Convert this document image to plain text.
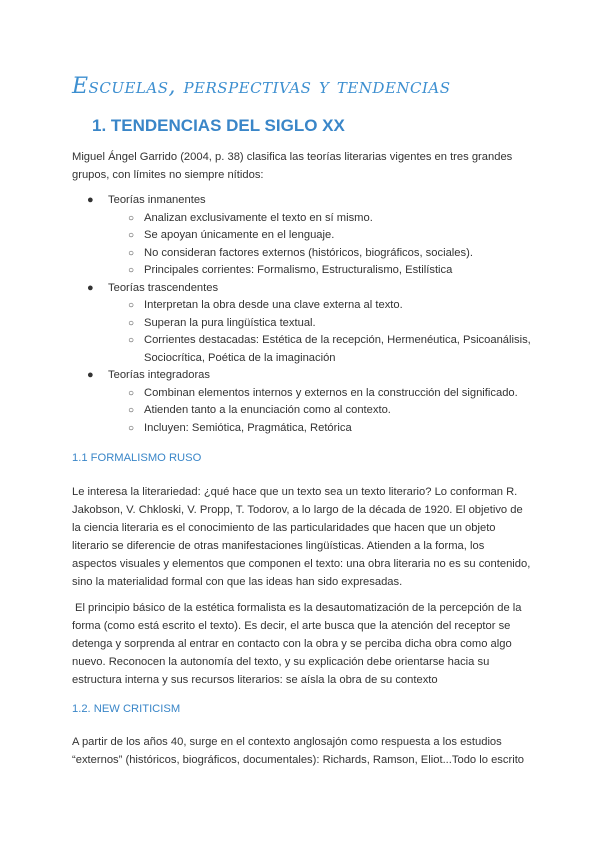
Escuelas, perspectivas y tendencias
1. TENDENCIAS DEL SIGLO XX

Miguel Ángel Garrido (2004, p. 38) clasifica las teorías literarias vigentes en tres grandes grupos, con límites no siempre nítidos:

● Teorías inmanentes
○ Analizan exclusivamente el texto en sí mismo.
○ Se apoyan únicamente en el lenguaje.
○ No consideran factores externos (históricos, biográficos, sociales).
○ Principales corrientes: Formalismo, Estructuralismo, Estilística
● Teorías trascendentes
○ Interpretan la obra desde una clave externa al texto.
○ Superan la pura lingüística textual.
○ Corrientes destacadas: Estética de la recepción, Hermenéutica, Psicoanálisis, Sociocrítica, Poética de la imaginación
● Teorías integradoras
○ Combinan elementos internos y externos en la construcción del significado.
○ Atienden tanto a la enunciación como al contexto.
○ Incluyen: Semiótica, Pragmática, Retórica
1.1 FORMALISMO RUSO

Le interesa la literariedad: ¿qué hace que un texto sea un texto literario? Lo conforman R. Jakobson, V. Chkloski, V. Propp, T. Todorov, a lo largo de la década de 1920. El objetivo de la ciencia literaria es el conocimiento de las particularidades que hacen que un objeto literario se diferencie de otras manifestaciones lingüísticas. Atienden a la forma, los aspectos visuales y elementos que componen el texto: una obra literaria no es su contenido, sino la materialidad formal con que las ideas han sido expresadas.

El principio básico de la estética formalista es la desautomatización de la percepción de la forma (como está escrito el texto). Es decir, el arte busca que la atención del receptor se detenga y sorprenda al entrar en contacto con la obra y se perciba dicha obra como algo nuevo. Reconocen la autonomía del texto, y su explicación debe orientarse hacia su estructura interna y sus recursos literarios: se aísla la obra de su contexto

1.2. NEW CRITICISM

A partir de los años 40, surge en el contexto anglosajón como respuesta a los estudios “externos” (históricos, biográficos, documentales): Richards, Ramson, Eliot...Todo lo escrito
